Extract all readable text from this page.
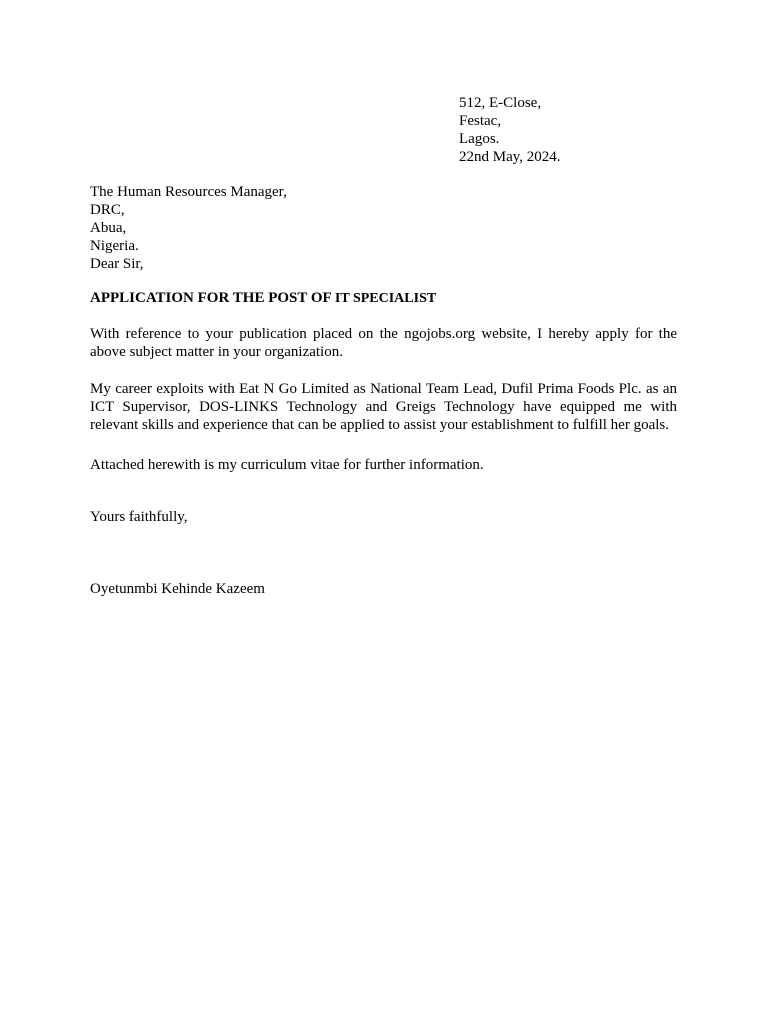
512, E-Close,
Festac,
Lagos.
22nd May, 2024.
The Human Resources Manager,
DRC,
Abua,
Nigeria.
Dear Sir,
APPLICATION FOR THE POST OF IT SPECIALIST
With reference to your publication placed on the ngojobs.org website, I hereby apply for the above subject matter in your organization.
My career exploits with Eat N Go Limited as National Team Lead, Dufil Prima Foods Plc. as an ICT Supervisor, DOS-LINKS Technology and Greigs Technology have equipped me with relevant skills and experience that can be applied to assist your establishment to fulfill her goals.
Attached herewith is my curriculum vitae for further information.
Yours faithfully,
Oyetunmbi Kehinde Kazeem
